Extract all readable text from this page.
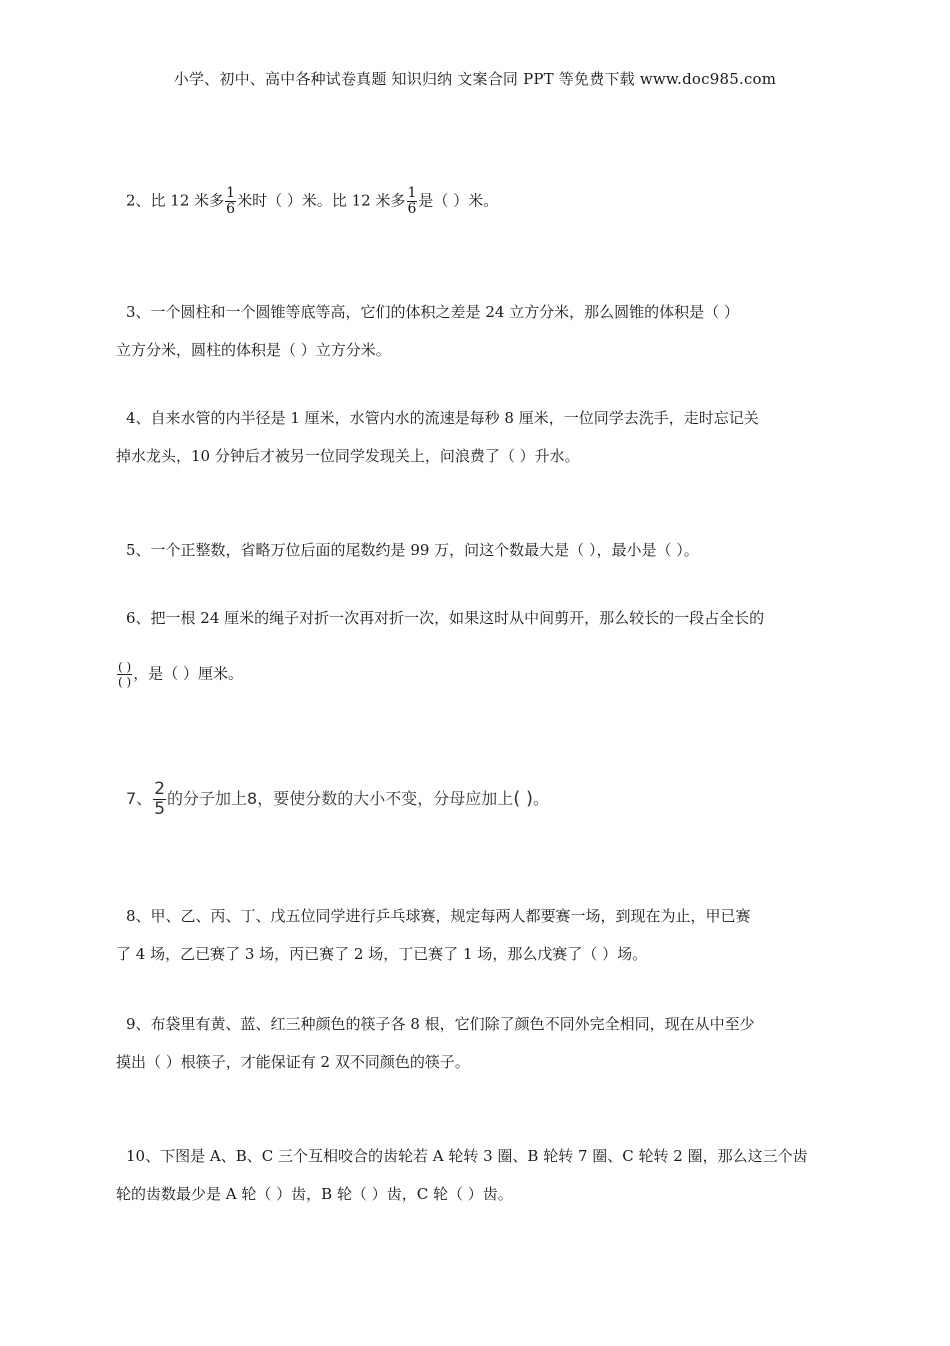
小学、初中、高中各种试卷真题 知识归纳 文案合同 PPT 等免费下载 www.doc985.com
2、比 12 米多 $\frac{1}{6}$ 米时（ ）米。比 12 米多 $\frac{1}{6}$ 是（ ）米。
3、一个圆柱和一个圆锥等底等高，它们的体积之差是 24 立方分米，那么圆锥的体积是（ ）
立方分米，圆柱的体积是（ ）立方分米。
4、自来水管的内半径是 1 厘米，水管内水的流速是每秒 8 厘米，一位同学去洗手，走时忘记关
掉水龙头，10 分钟后才被另一位同学发现关上，问浪费了（ ）升水。
5、一个正整数，省略万位后面的尾数约是 99 万，问这个数最大是（ ），最小是（ ）。
6、把一根 24 厘米的绳子对折一次再对折一次，如果这时从中间剪开，那么较长的一段占全长的
$\frac{( )}{( )}$ ，是（ ）厘米。
7、 $\frac{2}{5}$ 的分子加上8，要使分数的大小不变，分母应加上( )。
8、甲、乙、丙、丁、戊五位同学进行乒乓球赛，规定每两人都要赛一场，到现在为止，甲已赛
了 4 场，乙已赛了 3 场，丙已赛了 2 场，丁已赛了 1 场，那么戊赛了（ ）场。
9、布袋里有黄、蓝、红三种颜色的筷子各 8 根，它们除了颜色不同外完全相同，现在从中至少
摸出（ ）根筷子，才能保证有 2 双不同颜色的筷子。
10、下图是 A、B、C 三个互相咬合的齿轮若 A 轮转 3 圈、B 轮转 7 圈、C 轮转 2 圈，那么这三个齿
轮的齿数最少是 A 轮（ ）齿，B 轮（ ）齿，C 轮（ ）齿。
